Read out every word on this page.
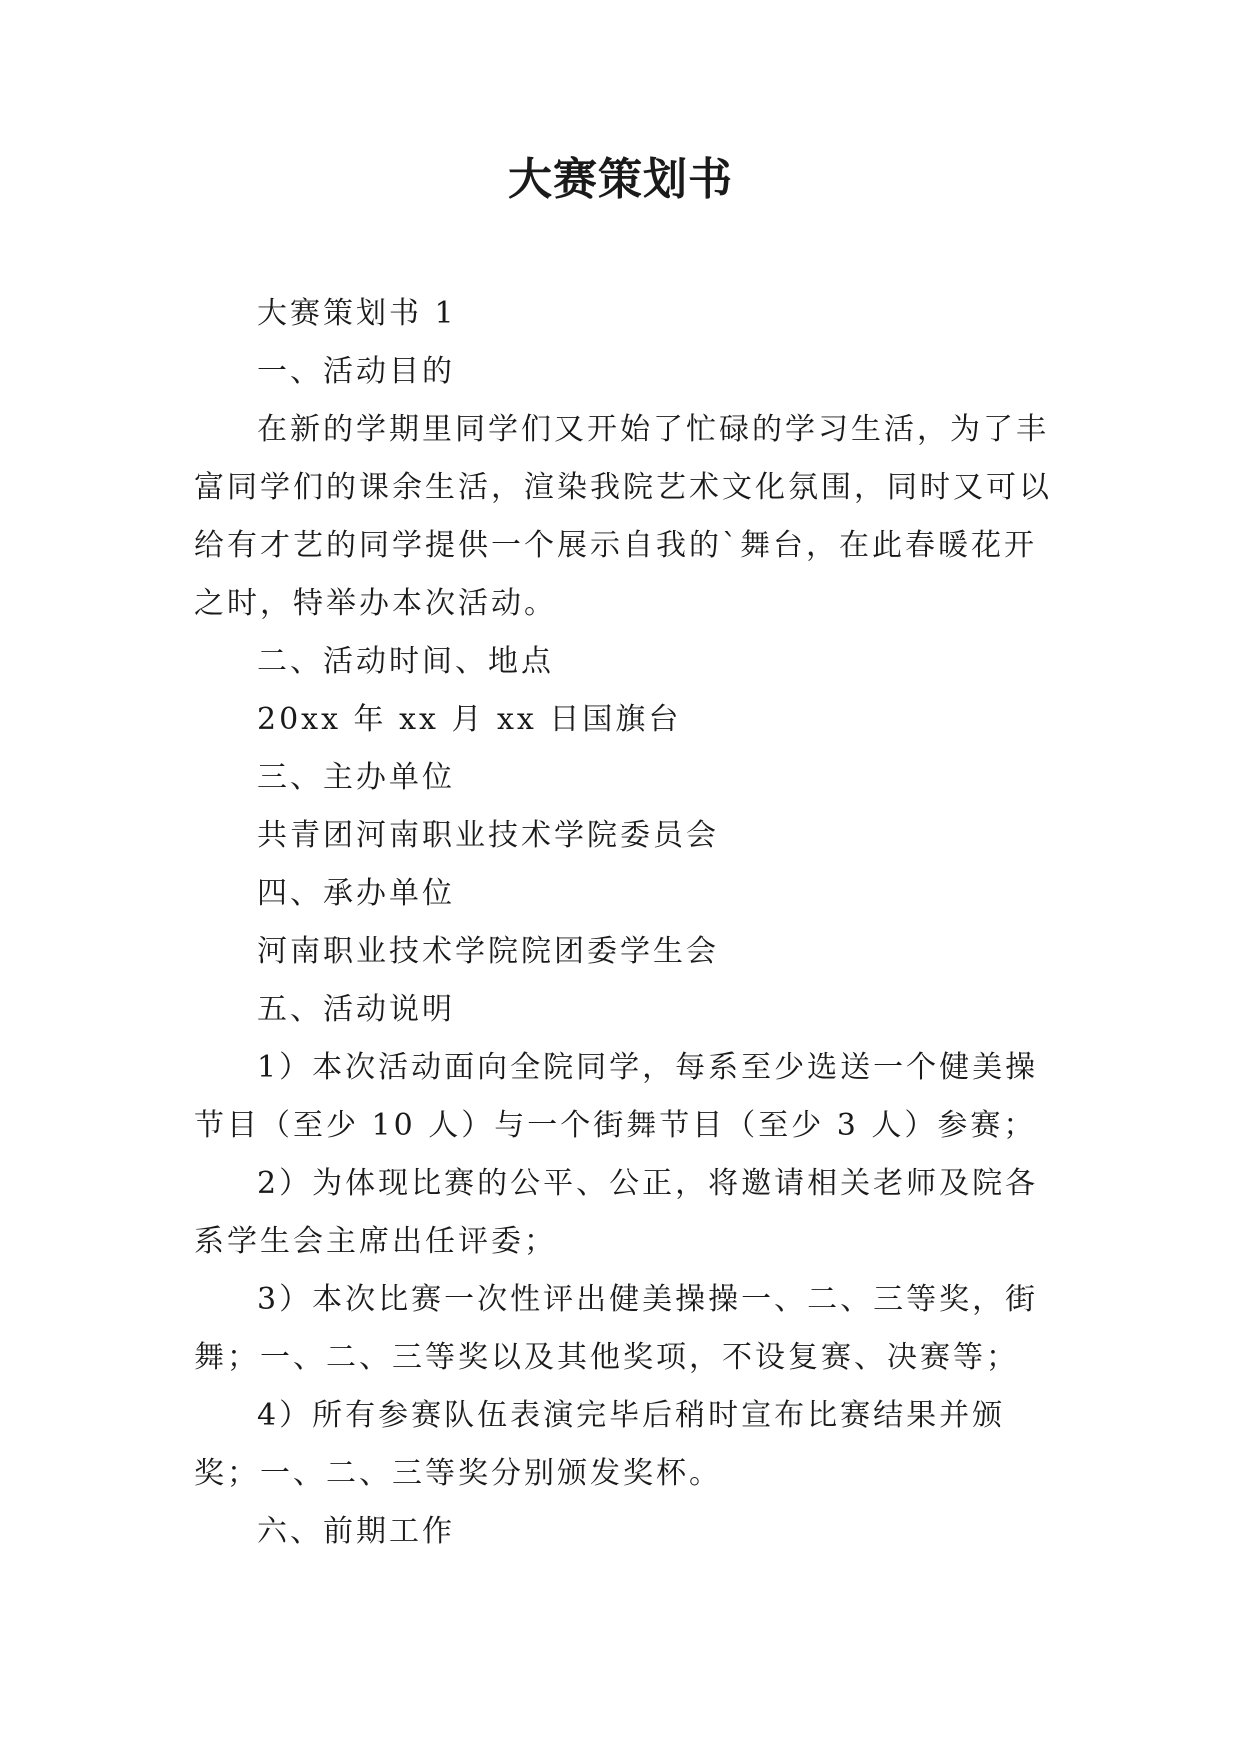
大赛策划书

大赛策划书 1

一、活动目的

在新的学期里同学们又开始了忙碌的学习生活，为了丰富同学们的课余生活，渲染我院艺术文化氛围，同时又可以给有才艺的同学提供一个展示自我的`舞台，在此春暖花开之时，特举办本次活动。

二、活动时间、地点

20xx 年 xx 月 xx 日国旗台

三、主办单位

共青团河南职业技术学院委员会

四、承办单位

河南职业技术学院院团委学生会

五、活动说明

1）本次活动面向全院同学，每系至少选送一个健美操节目（至少 10 人）与一个街舞节目（至少 3 人）参赛；

2）为体现比赛的公平、公正，将邀请相关老师及院各系学生会主席出任评委；

3）本次比赛一次性评出健美操操一、二、三等奖，街舞；一、二、三等奖以及其他奖项，不设复赛、决赛等；

4）所有参赛队伍表演完毕后稍时宣布比赛结果并颁奖；一、二、三等奖分别颁发奖杯。

六、前期工作
